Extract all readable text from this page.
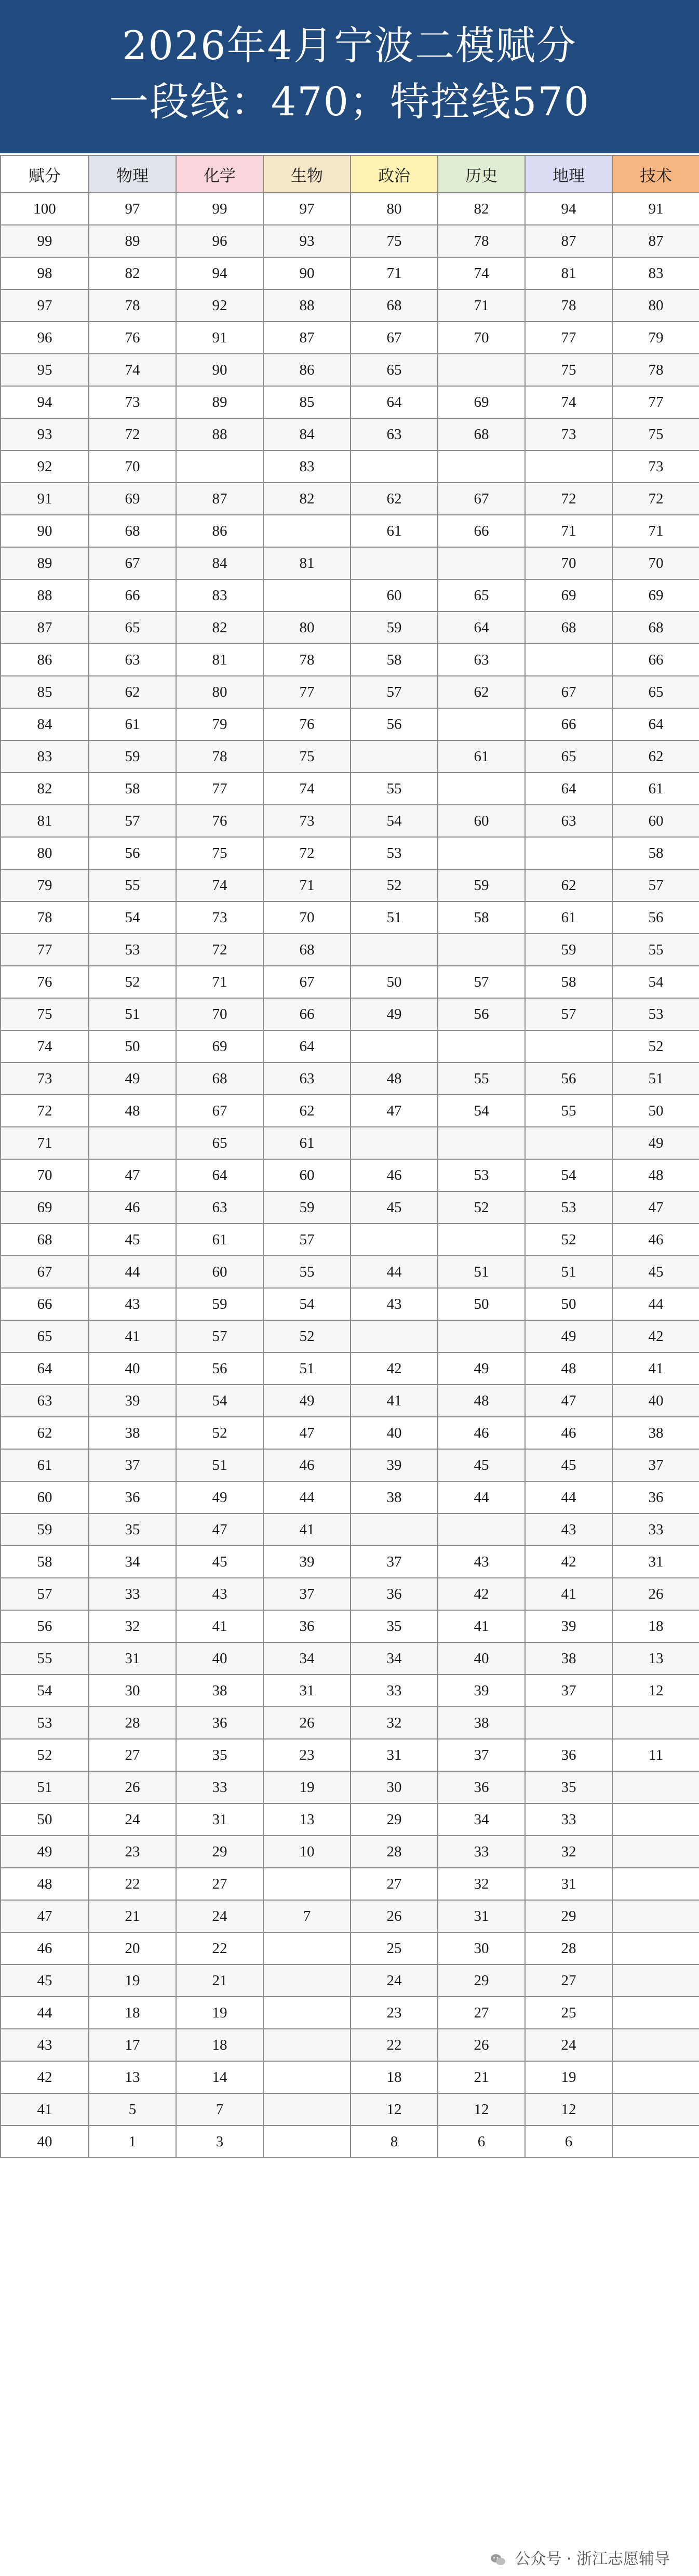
2026年4月宁波二模赋分
一段线：470；特控线570
赋分	物理	化学	生物	政治	历史	地理	技术
100	97	99	97	80	82	94	91
99	89	96	93	75	78	87	87
98	82	94	90	71	74	81	83
97	78	92	88	68	71	78	80
96	76	91	87	67	70	77	79
95	74	90	86	65		75	78
94	73	89	85	64	69	74	77
93	72	88	84	63	68	73	75
92	70		83				73
91	69	87	82	62	67	72	72
90	68	86		61	66	71	71
89	67	84	81			70	70
88	66	83		60	65	69	69
87	65	82	80	59	64	68	68
86	63	81	78	58	63		66
85	62	80	77	57	62	67	65
84	61	79	76	56		66	64
83	59	78	75		61	65	62
82	58	77	74	55		64	61
81	57	76	73	54	60	63	60
80	56	75	72	53			58
79	55	74	71	52	59	62	57
78	54	73	70	51	58	61	56
77	53	72	68			59	55
76	52	71	67	50	57	58	54
75	51	70	66	49	56	57	53
74	50	69	64				52
73	49	68	63	48	55	56	51
72	48	67	62	47	54	55	50
71		65	61				49
70	47	64	60	46	53	54	48
69	46	63	59	45	52	53	47
68	45	61	57			52	46
67	44	60	55	44	51	51	45
66	43	59	54	43	50	50	44
65	41	57	52			49	42
64	40	56	51	42	49	48	41
63	39	54	49	41	48	47	40
62	38	52	47	40	46	46	38
61	37	51	46	39	45	45	37
60	36	49	44	38	44	44	36
59	35	47	41			43	33
58	34	45	39	37	43	42	31
57	33	43	37	36	42	41	26
56	32	41	36	35	41	39	18
55	31	40	34	34	40	38	13
54	30	38	31	33	39	37	12
53	28	36	26	32	38		
52	27	35	23	31	37	36	11
51	26	33	19	30	36	35	
50	24	31	13	29	34	33	
49	23	29	10	28	33	32	
48	22	27		27	32	31	
47	21	24	7	26	31	29	
46	20	22		25	30	28	
45	19	21		24	29	27	
44	18	19		23	27	25	
43	17	18		22	26	24	
42	13	14		18	21	19	
41	5	7		12	12	12	
40	1	3		8	6	6	
公众号 · 浙江志愿辅导
